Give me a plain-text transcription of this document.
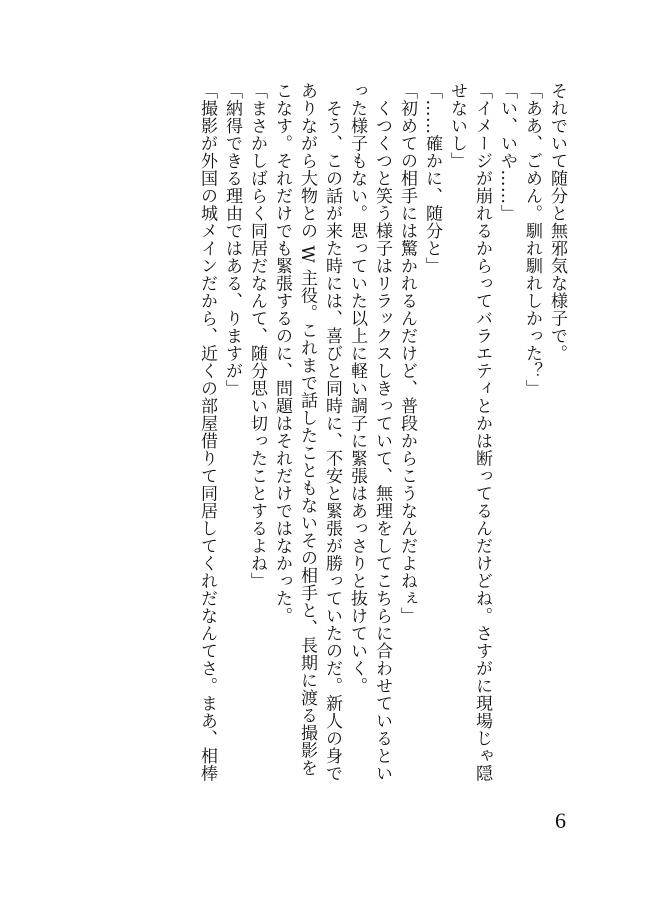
それでいて随分と無邪気な様子で。
「ああ、ごめん。馴れ馴れしかった？」
「い、いや……」
「イメージが崩れるからってバラエティとかは断ってるんだけどね。さすがに現場じゃ隠
せないし」
「……確かに、随分と」
「初めての相手には驚かれるんだけど、普段からこうなんだよねぇ」
　くつくつと笑う様子はリラックスしきっていて、無理をしてこちらに合わせているとい
った様子もない。思っていた以上に軽い調子に緊張はあっさりと抜けていく。
　そう、この話が来た時には、喜びと同時に、不安と緊張が勝っていたのだ。新人の身で
ありながら大物との W 主役。これまで話したこともないその相手と、長期に渡る撮影を
こなす。それだけでも緊張するのに、問題はそれだけではなかった。
「まさかしばらく同居だなんて、随分思い切ったことするよね」
「納得できる理由ではある、りますが」
「撮影が外国の城メインだから、近くの部屋借りて同居してくれだなんてさ。まあ、相棒
6
